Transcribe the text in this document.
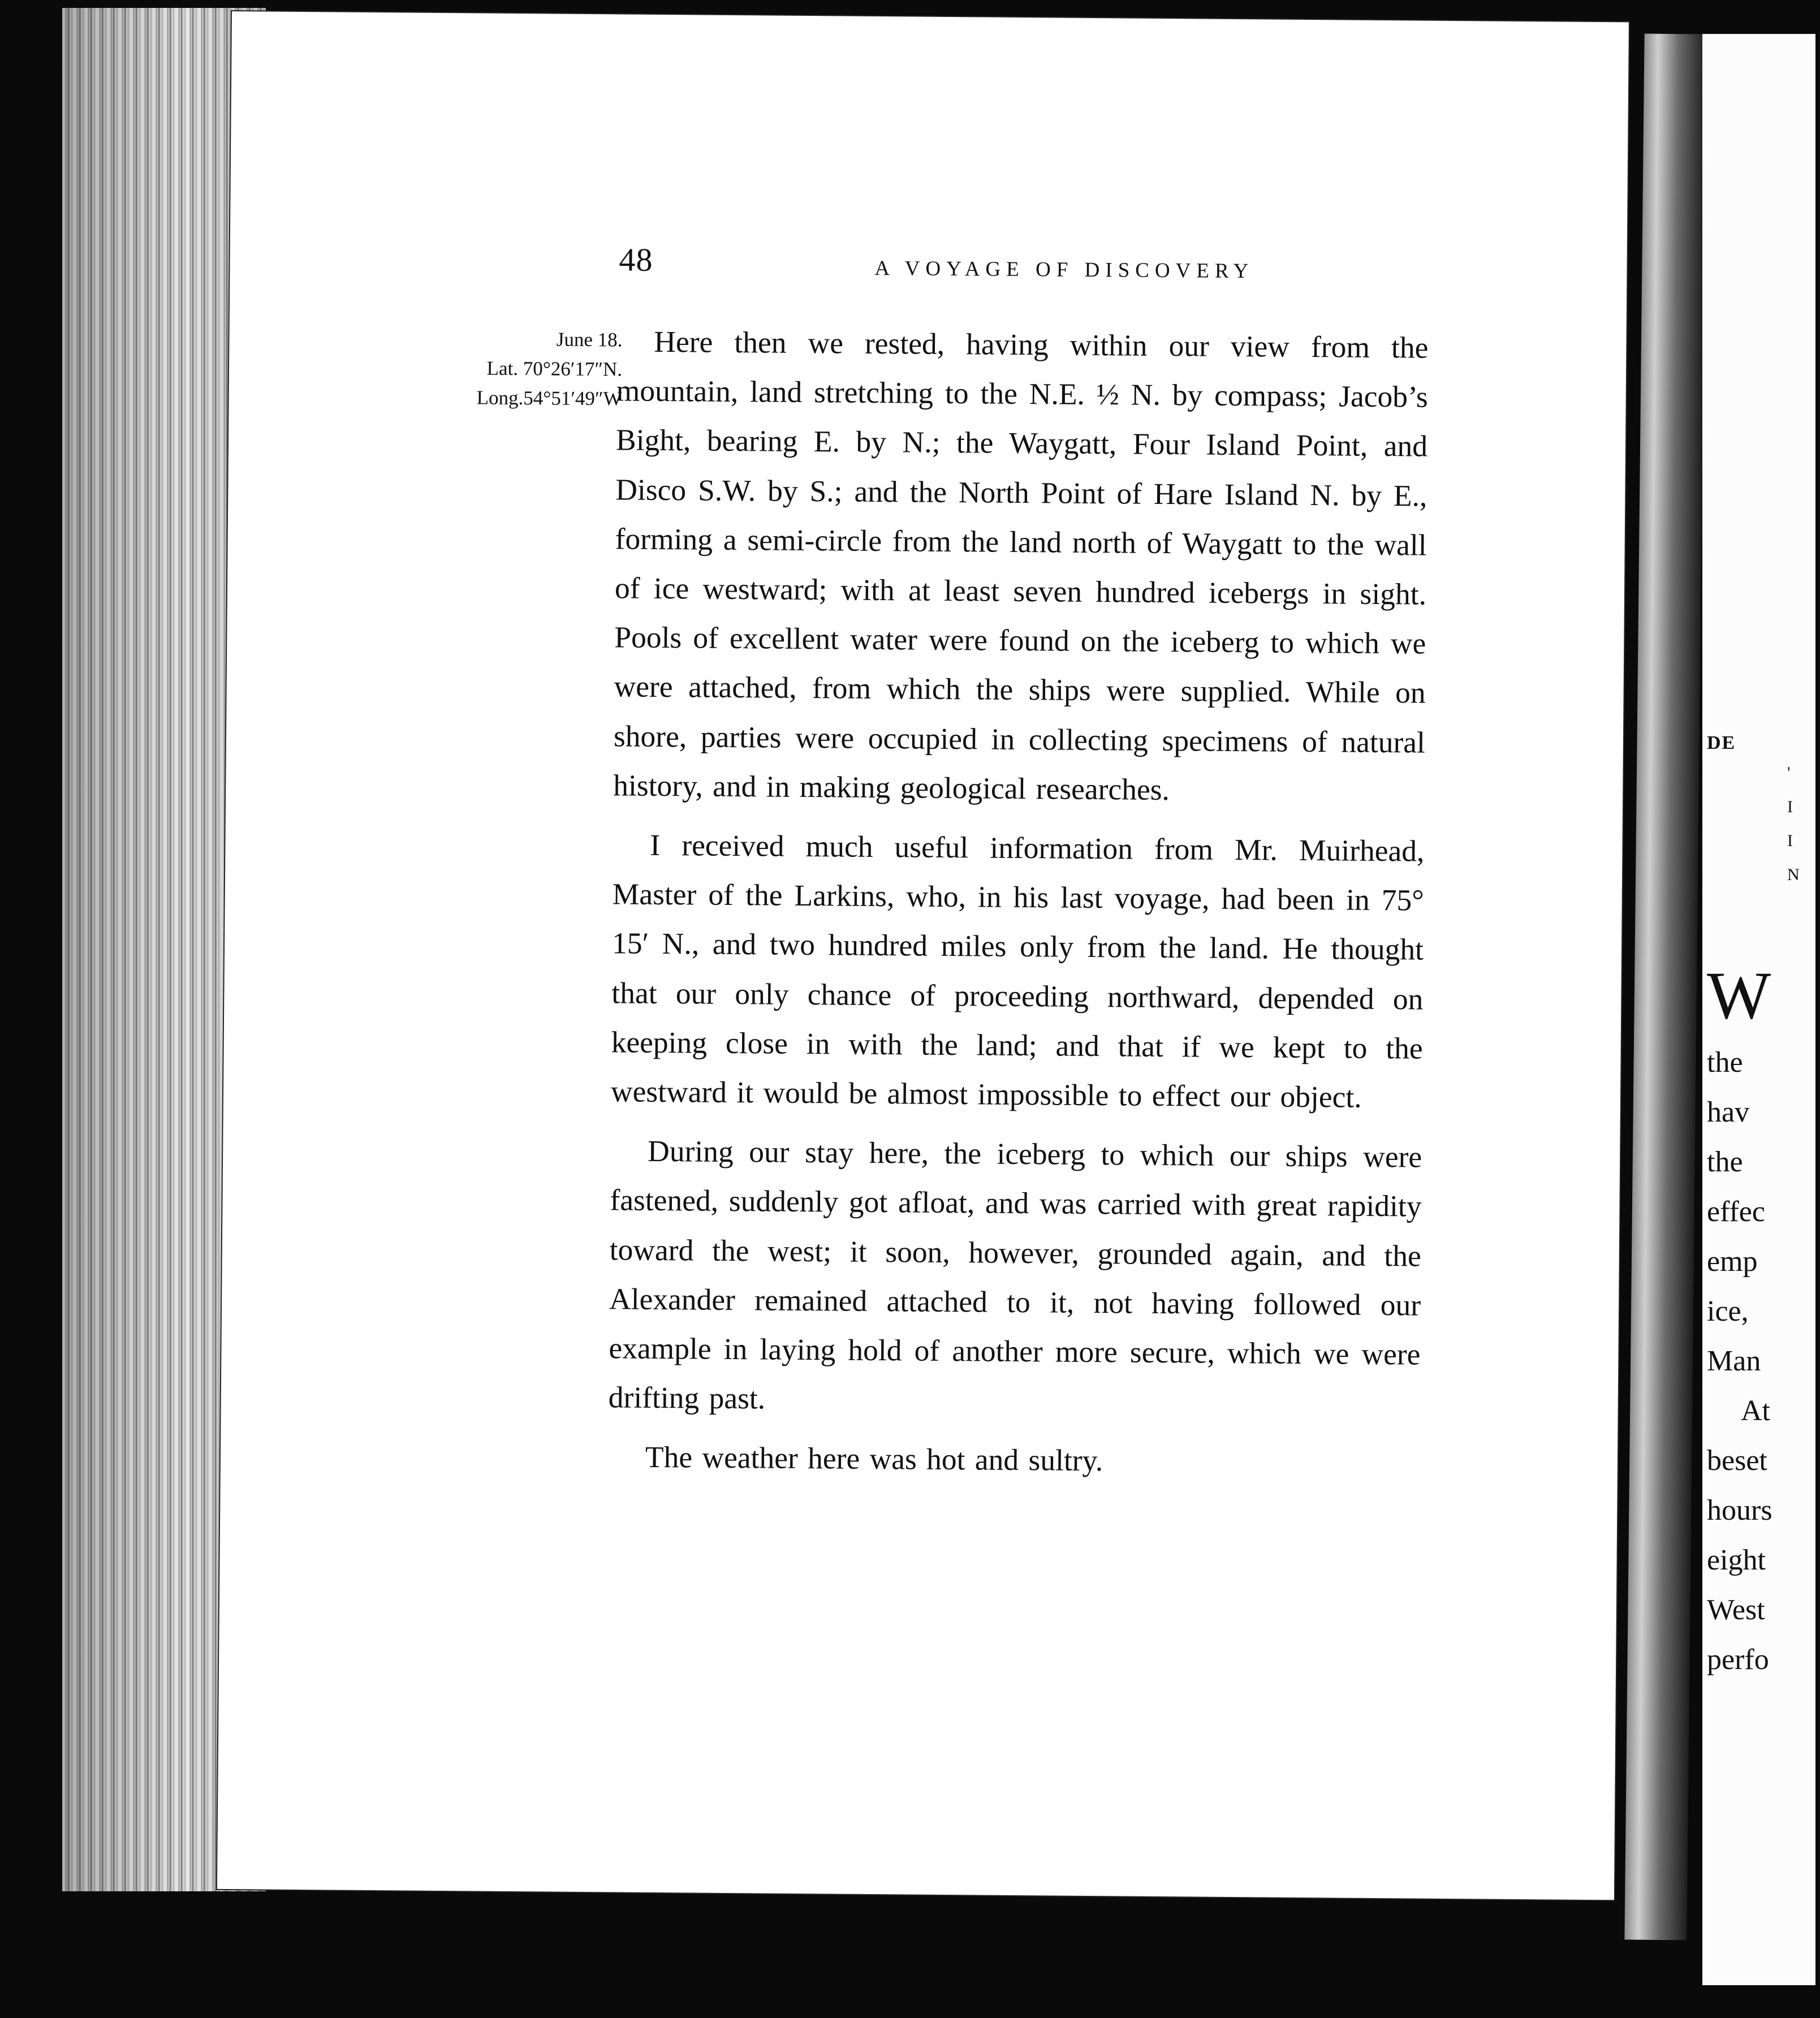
48	A VOYAGE OF DISCOVERY
June 18.
Lat. 70°26′17″N.
Long.54°51′49″W

Here then we rested, having within our view from the mountain, land stretching to the N.E. ½ N. by compass; Jacob’s Bight, bearing E. by N.; the Waygatt, Four Island Point, and Disco S.W. by S.; and the North Point of Hare Island N. by E., forming a semi-circle from the land north of Waygatt to the wall of ice westward; with at least seven hundred icebergs in sight. Pools of excellent water were found on the iceberg to which we were attached, from which the ships were supplied. While on shore, parties were occupied in collecting specimens of natural history, and in making geological researches.

I received much useful information from Mr. Muirhead, Master of the Larkins, who, in his last voyage, had been in 75° 15′ N., and two hundred miles only from the land. He thought that our only chance of proceeding northward, depended on keeping close in with the land; and that if we kept to the westward it would be almost impossible to effect our object.

During our stay here, the iceberg to which our ships were fastened, suddenly got afloat, and was carried with great rapidity toward the west; it soon, however, grounded again, and the Alexander remained attached to it, not having followed our example in laying hold of another more secure, which we were drifting past.

The weather here was hot and sultry.

DE
'
I
I
N
W
the
hav
the
effec
emp
ice,
Man
At
beset
hours
eight
West
perfo
